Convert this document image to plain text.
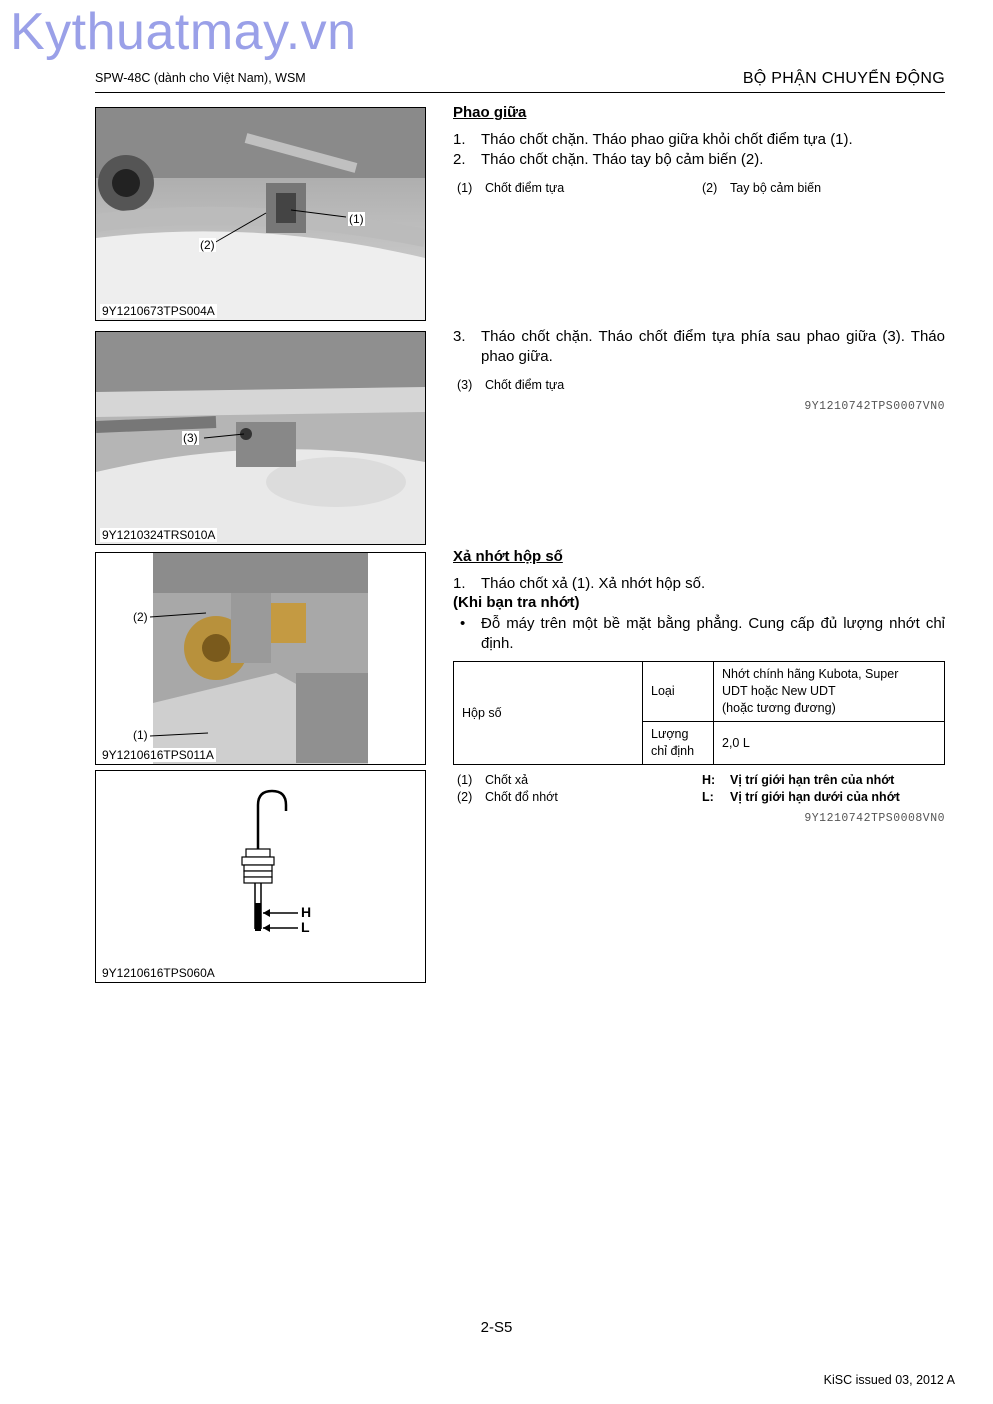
Kythuatmay.vn
SPW-48C (dành cho Việt Nam), WSM	BỘ PHẬN CHUYỂN ĐỘNG
(1)
(2)
9Y1210673TPS004A
(3)
9Y1210324TRS010A
(2)
(1)
9Y1210616TPS011A
H
L
9Y1210616TPS060A
Phao giữa
1. Tháo chốt chặn. Tháo phao giữa khỏi chốt điểm tựa (1).
2. Tháo chốt chặn. Tháo tay bộ cảm biến (2).
(1) Chốt điểm tựa	(2) Tay bộ cảm biến
3. Tháo chốt chặn. Tháo chốt điểm tựa phía sau phao giữa (3). Tháo phao giữa.
(3) Chốt điểm tựa
9Y1210742TPS0007VN0
Xả nhớt hộp số
1. Tháo chốt xả (1). Xả nhớt hộp số.
(Khi bạn tra nhớt)
• Đỗ máy trên một bề mặt bằng phẳng. Cung cấp đủ lượng nhớt chỉ định.
Hộp số	Loại	Nhớt chính hãng Kubota, Super
UDT hoặc New UDT
(hoặc tương đương)

	Lượng
chỉ định	2,0 L
(1) Chốt xả
(2) Chốt đổ nhớt
H: Vị trí giới hạn trên của nhớt
L: Vị trí giới hạn dưới của nhớt
9Y1210742TPS0008VN0
2-S5
KiSC issued 03, 2012 A
